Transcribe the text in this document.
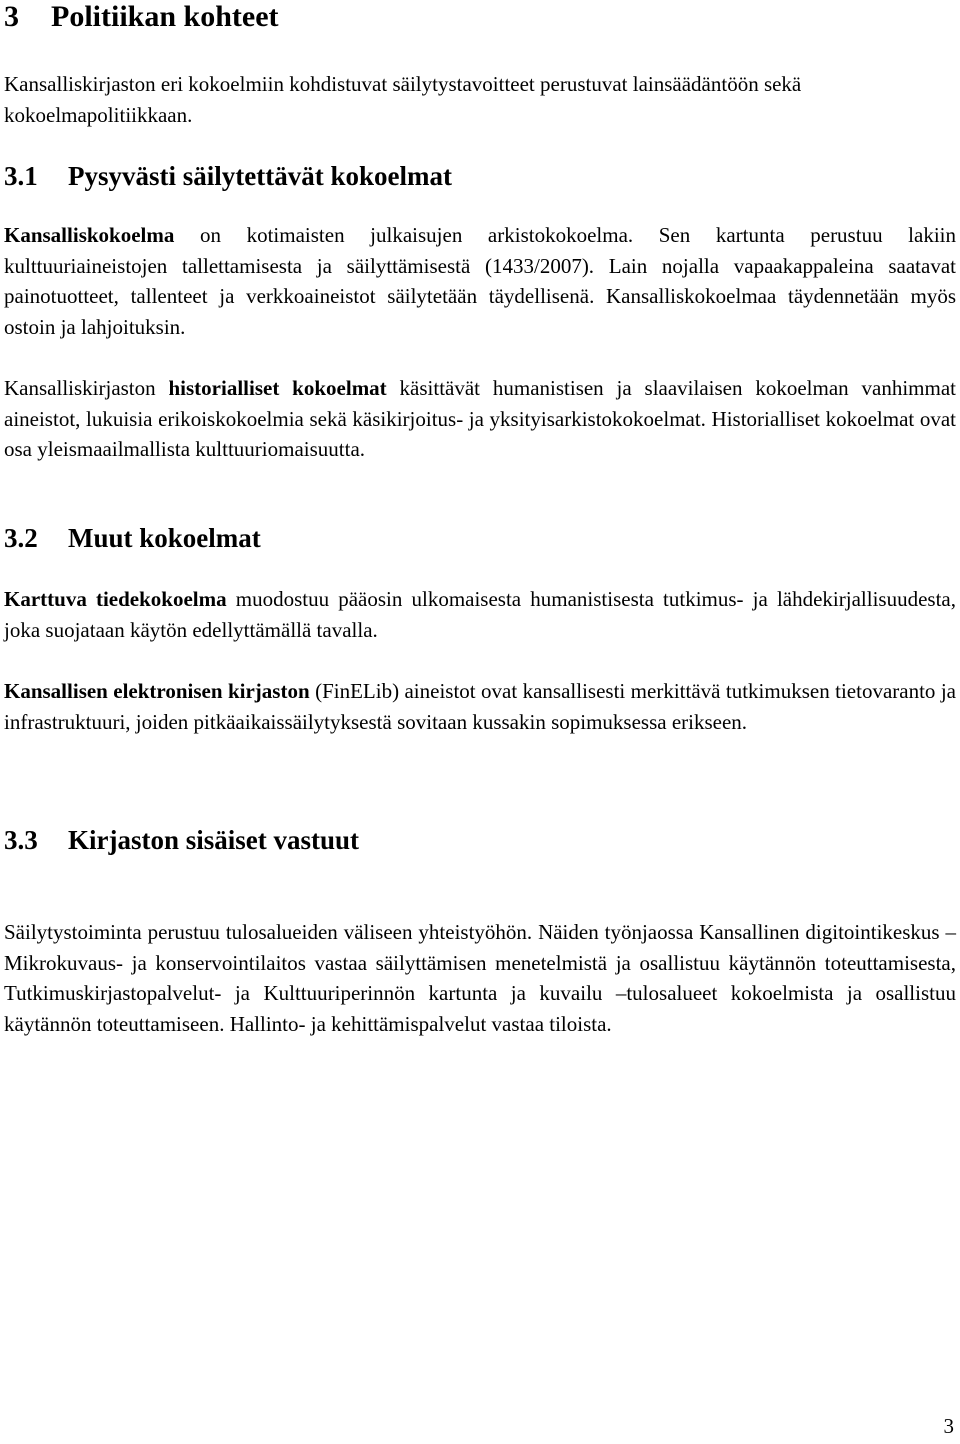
3 Politiikan kohteet

Kansalliskirjaston eri kokoelmiin kohdistuvat säilytystavoitteet perustuvat lainsäädäntöön sekä kokoelmapolitiikkaan.

3.1 Pysyvästi säilytettävät kokoelmat

Kansalliskokoelma on kotimaisten julkaisujen arkistokokoelma. Sen kartunta perustuu lakiin kulttuuriaineistojen tallettamisesta ja säilyttämisestä (1433/2007). Lain nojalla vapaakappaleina saatavat painotuotteet, tallenteet ja verkkoaineistot säilytetään täydellisenä. Kansalliskokoelmaa täydennetään myös ostoin ja lahjoituksin.

Kansalliskirjaston historialliset kokoelmat käsittävät humanistisen ja slaavilaisen kokoelman vanhimmat aineistot, lukuisia erikoiskokoelmia sekä käsikirjoitus- ja yksityisarkistokokoelmat. Historialliset kokoelmat ovat osa yleismaailmallista kulttuuriomaisuutta.

3.2 Muut kokoelmat

Karttuva tiedekokoelma muodostuu pääosin ulkomaisesta humanistisesta tutkimus- ja lähdekirjallisuudesta, joka suojataan käytön edellyttämällä tavalla.

Kansallisen elektronisen kirjaston (FinELib) aineistot ovat kansallisesti merkittävä tutkimuksen tietovaranto ja infrastruktuuri, joiden pitkäaikaissäilytyksestä sovitaan kussakin sopimuksessa erikseen.

3.3 Kirjaston sisäiset vastuut

Säilytystoiminta perustuu tulosalueiden väliseen yhteistyöhön. Näiden työnjaossa Kansallinen digitointikeskus – Mikrokuvaus- ja konservointilaitos vastaa säilyttämisen menetelmistä ja osallistuu käytännön toteuttamisesta, Tutkimuskirjastopalvelut- ja Kulttuuriperinnön kartunta ja kuvailu –tulosalueet kokoelmista ja osallistuu käytännön toteuttamiseen. Hallinto- ja kehittämispalvelut vastaa tiloista.

3
